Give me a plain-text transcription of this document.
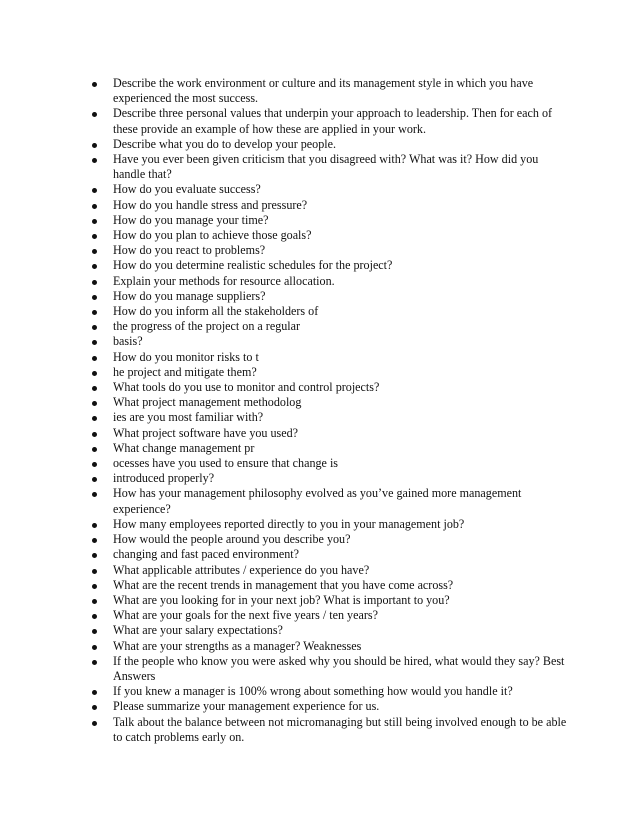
Describe the work environment or culture and its management style in which you have experienced the most success.
Describe three personal values that underpin your approach to leadership. Then for each of these provide an example of how these are applied in your work.
Describe what you do to develop your people.
Have you ever been given criticism that you disagreed with? What was it? How did you handle that?
How do you evaluate success?
How do you handle stress and pressure?
How do you manage your time?
How do you plan to achieve those goals?
How do you react to problems?
How do you determine realistic schedules for the project?
Explain your methods for resource allocation.
How do you manage suppliers?
How do you inform all the stakeholders of
the progress of the project on a regular
basis?
How do you monitor risks to t
he project and mitigate them?
What tools do you use to monitor and control projects?
What project management methodolog
ies are you most familiar with?
What project software have you used?
What change management pr
ocesses have you used to ensure that change is
introduced properly?
How has your management philosophy evolved as you’ve gained more management experience?
How many employees reported directly to you in your management job?
How would the people around you describe you?
changing and fast paced environment?
What applicable attributes / experience do you have?
What are the recent trends in management that you have come across?
What are you looking for in your next job? What is important to you?
What are your goals for the next five years / ten years?
What are your salary expectations?
What are your strengths as a manager? Weaknesses
If the people who know you were asked why you should be hired, what would they say? Best Answers
If you knew a manager is 100% wrong about something how would you handle it?
Please summarize your management experience for us.
Talk about the balance between not micromanaging but still being involved enough to be able to catch problems early on.
